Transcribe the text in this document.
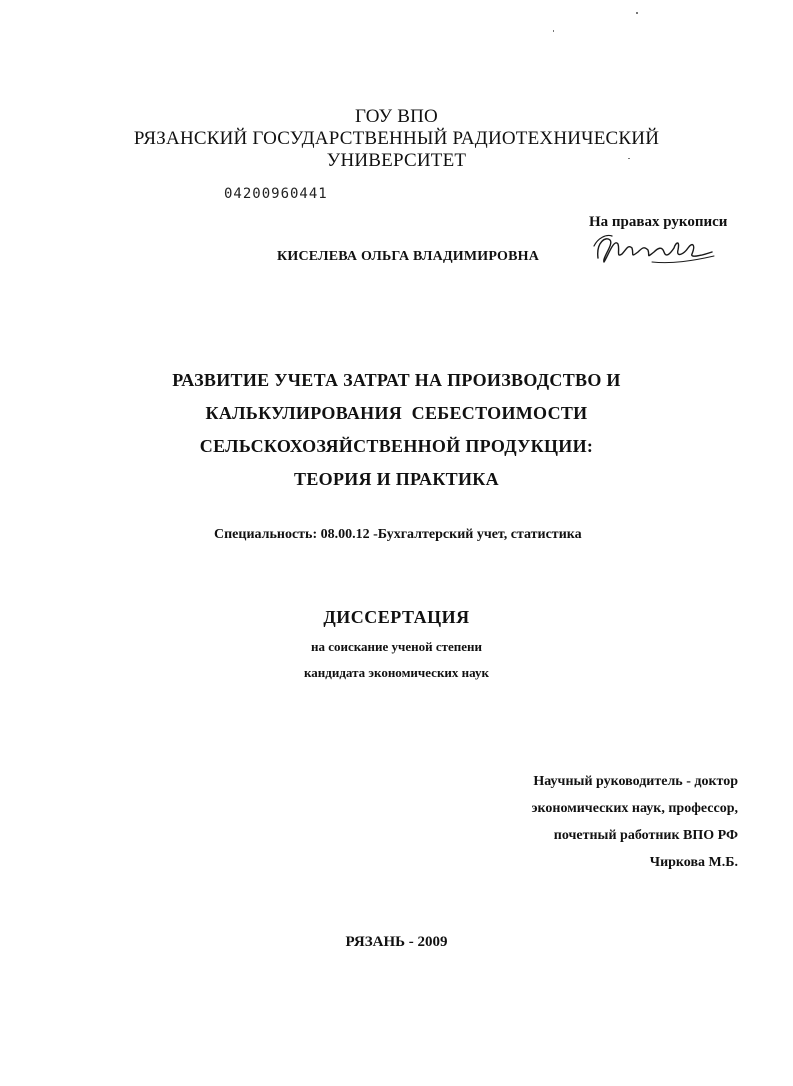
ГОУ ВПО
РЯЗАНСКИЙ ГОСУДАРСТВЕННЫЙ РАДИОТЕХНИЧЕСКИЙ
УНИВЕРСИТЕТ
04200960441
На правах рукописи
КИСЕЛЕВА ОЛЬГА ВЛАДИМИРОВНА
РАЗВИТИЕ УЧЕТА ЗАТРАТ НА ПРОИЗВОДСТВО И
КАЛЬКУЛИРОВАНИЯ  СЕБЕСТОИМОСТИ
СЕЛЬСКОХОЗЯЙСТВЕННОЙ ПРОДУКЦИИ:
ТЕОРИЯ И ПРАКТИКА
Специальность: 08.00.12 -Бухгалтерский учет, статистика
ДИССЕРТАЦИЯ
на соискание ученой степени
кандидата экономических наук
Научный руководитель - доктор
экономических наук, профессор,
почетный работник ВПО РФ
Чиркова М.Б.
РЯЗАНЬ - 2009
